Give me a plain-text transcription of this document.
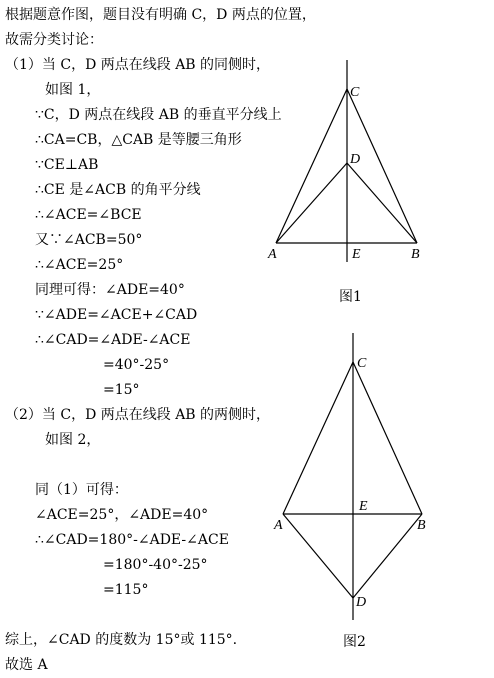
根据题意作图，题目没有明确 C，D 两点的位置，
故需分类讨论：
（1）当 C，D 两点在线段 AB 的同侧时，
如图 1，
∵C，D 两点在线段 AB 的垂直平分线上
∴CA=CB，△CAB 是等腰三角形
∵CE⊥AB
∴CE 是∠ACB 的角平分线
∴∠ACE=∠BCE
又∵∠ACB=50°
∴∠ACE=25°
同理可得：∠ADE=40°
∵∠ADE=∠ACE+∠CAD
∴∠CAD=∠ADE-∠ACE
=40°-25°
=15°
（2）当 C，D 两点在线段 AB 的两侧时，
如图 2，
同（1）可得：
∠ACE=25°，∠ADE=40°
∴∠CAD=180°-∠ADE-∠ACE
=180°-40°-25°
=115°
综上，∠CAD 的度数为 15°或 115°.
故选 A
C
D
A	B
E
图1
C
D
A	B
E
图2
